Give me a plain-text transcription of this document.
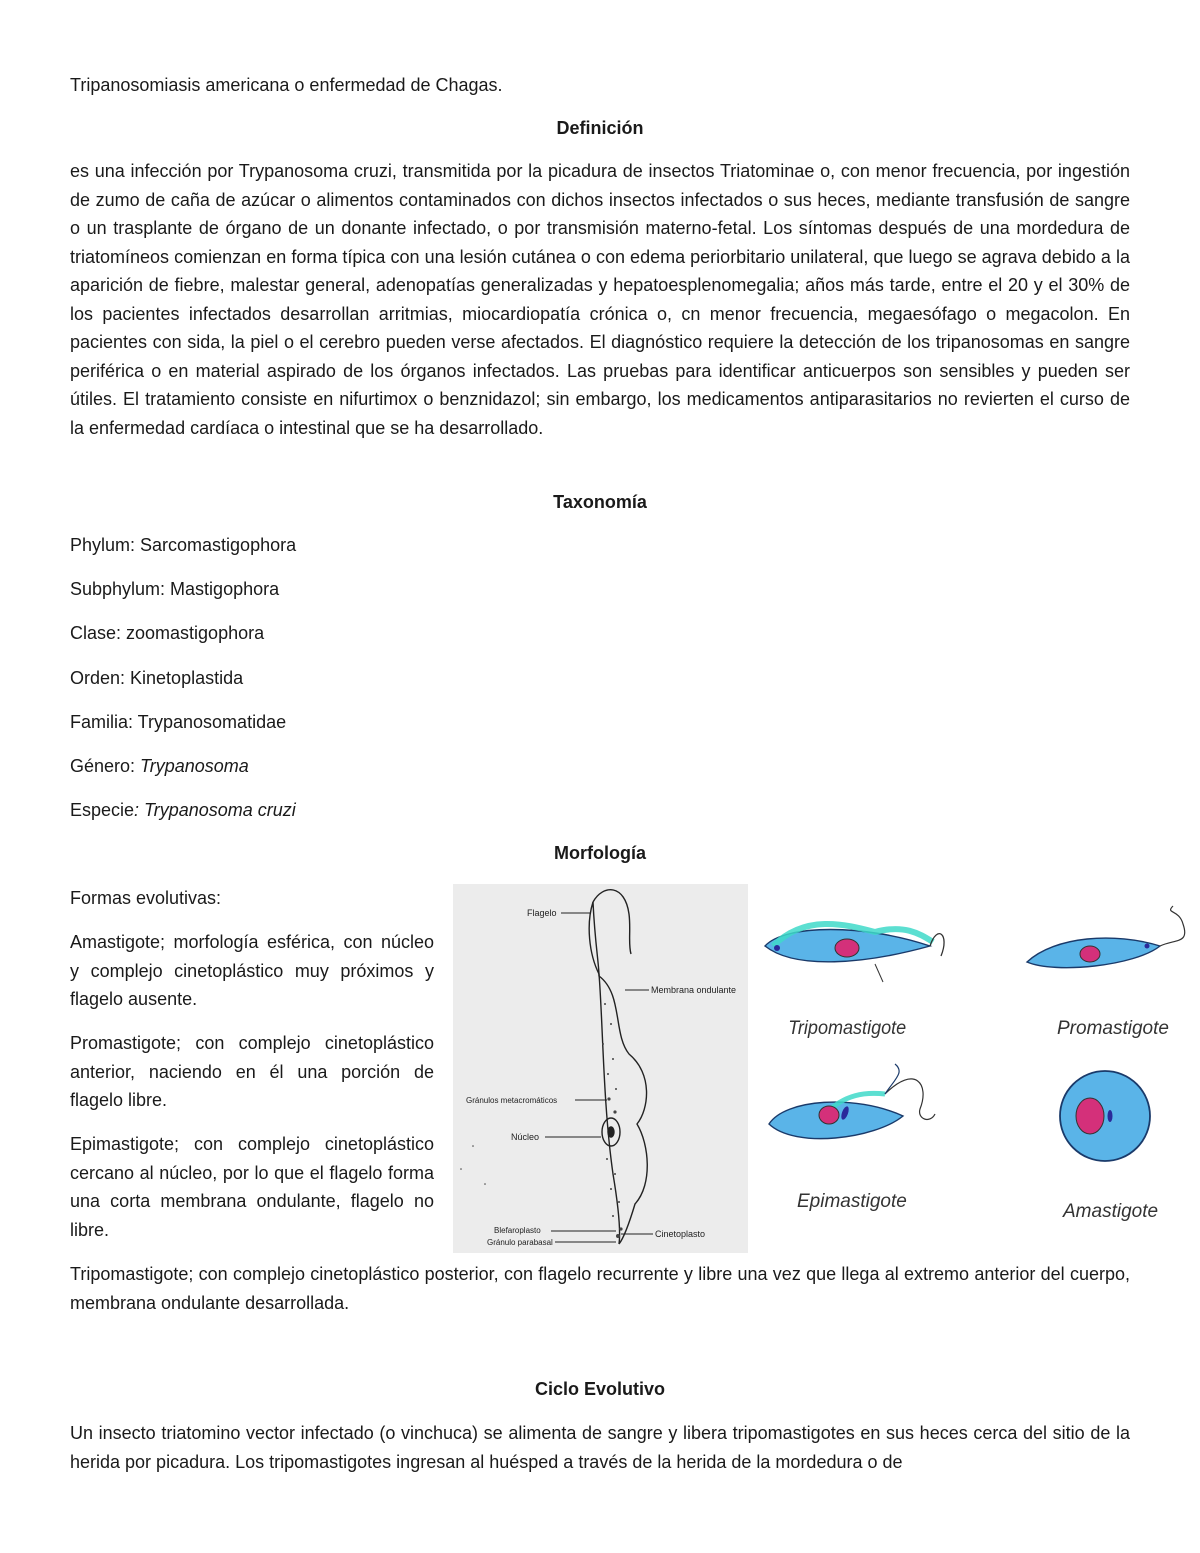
Tripanosomiasis americana o enfermedad de Chagas.

Definición

es una infección por Trypanosoma cruzi, transmitida por la picadura de insectos Triatominae o, con menor frecuencia, por ingestión de zumo de caña de azúcar o alimentos contaminados con dichos insectos infectados o sus heces, mediante transfusión de sangre o un trasplante de órgano de un donante infectado, o por transmisión materno-fetal. Los síntomas después de una mordedura de triatomíneos comienzan en forma típica con una lesión cutánea o con edema periorbitario unilateral, que luego se agrava debido a la aparición de fiebre, malestar general, adenopatías generalizadas y hepatoesplenomegalia; años más tarde, entre el 20 y el 30% de los pacientes infectados desarrollan arritmias, miocardiopatía crónica o, cn menor frecuencia, megaesófago o megacolon. En pacientes con sida, la piel o el cerebro pueden verse afectados. El diagnóstico requiere la detección de los tripanosomas en sangre periférica o en material aspirado de los órganos infectados. Las pruebas para identificar anticuerpos son sensibles y pueden ser útiles. El tratamiento consiste en nifurtimox o benznidazol; sin embargo, los medicamentos antiparasitarios no revierten el curso de la enfermedad cardíaca o intestinal que se ha desarrollado.

Taxonomía

Phylum: Sarcomastigophora

Subphylum: Mastigophora

Clase: zoomastigophora

Orden: Kinetoplastida

Familia: Trypanosomatidae

Género: Trypanosoma

Especie: Trypanosoma cruzi

Morfología

Formas evolutivas:

Amastigote; morfología esférica, con núcleo y complejo cinetoplástico muy próximos y flagelo ausente.

Promastigote; con complejo cinetoplástico anterior, naciendo en él una porción de flagelo libre.

Epimastigote; con complejo cinetoplástico cercano al núcleo, por lo que el flagelo forma una corta membrana ondulante, flagelo no libre.

Flagelo
Membrana ondulante
Gránulos metacromáticos
Núcleo
Blefaroplasto
Gránulo parabasal
Cinetoplasto
Tripomastigote	Promastigote
Epimastigote	Amastigote

Tripomastigote; con complejo cinetoplástico posterior, con flagelo recurrente y libre una vez que llega al extremo anterior del cuerpo, membrana ondulante desarrollada.

Ciclo Evolutivo

Un insecto triatomino vector infectado (o vinchuca) se alimenta de sangre y libera tripomastigotes en sus heces cerca del sitio de la herida por picadura. Los tripomastigotes ingresan al huésped a través de la herida de la mordedura o de
